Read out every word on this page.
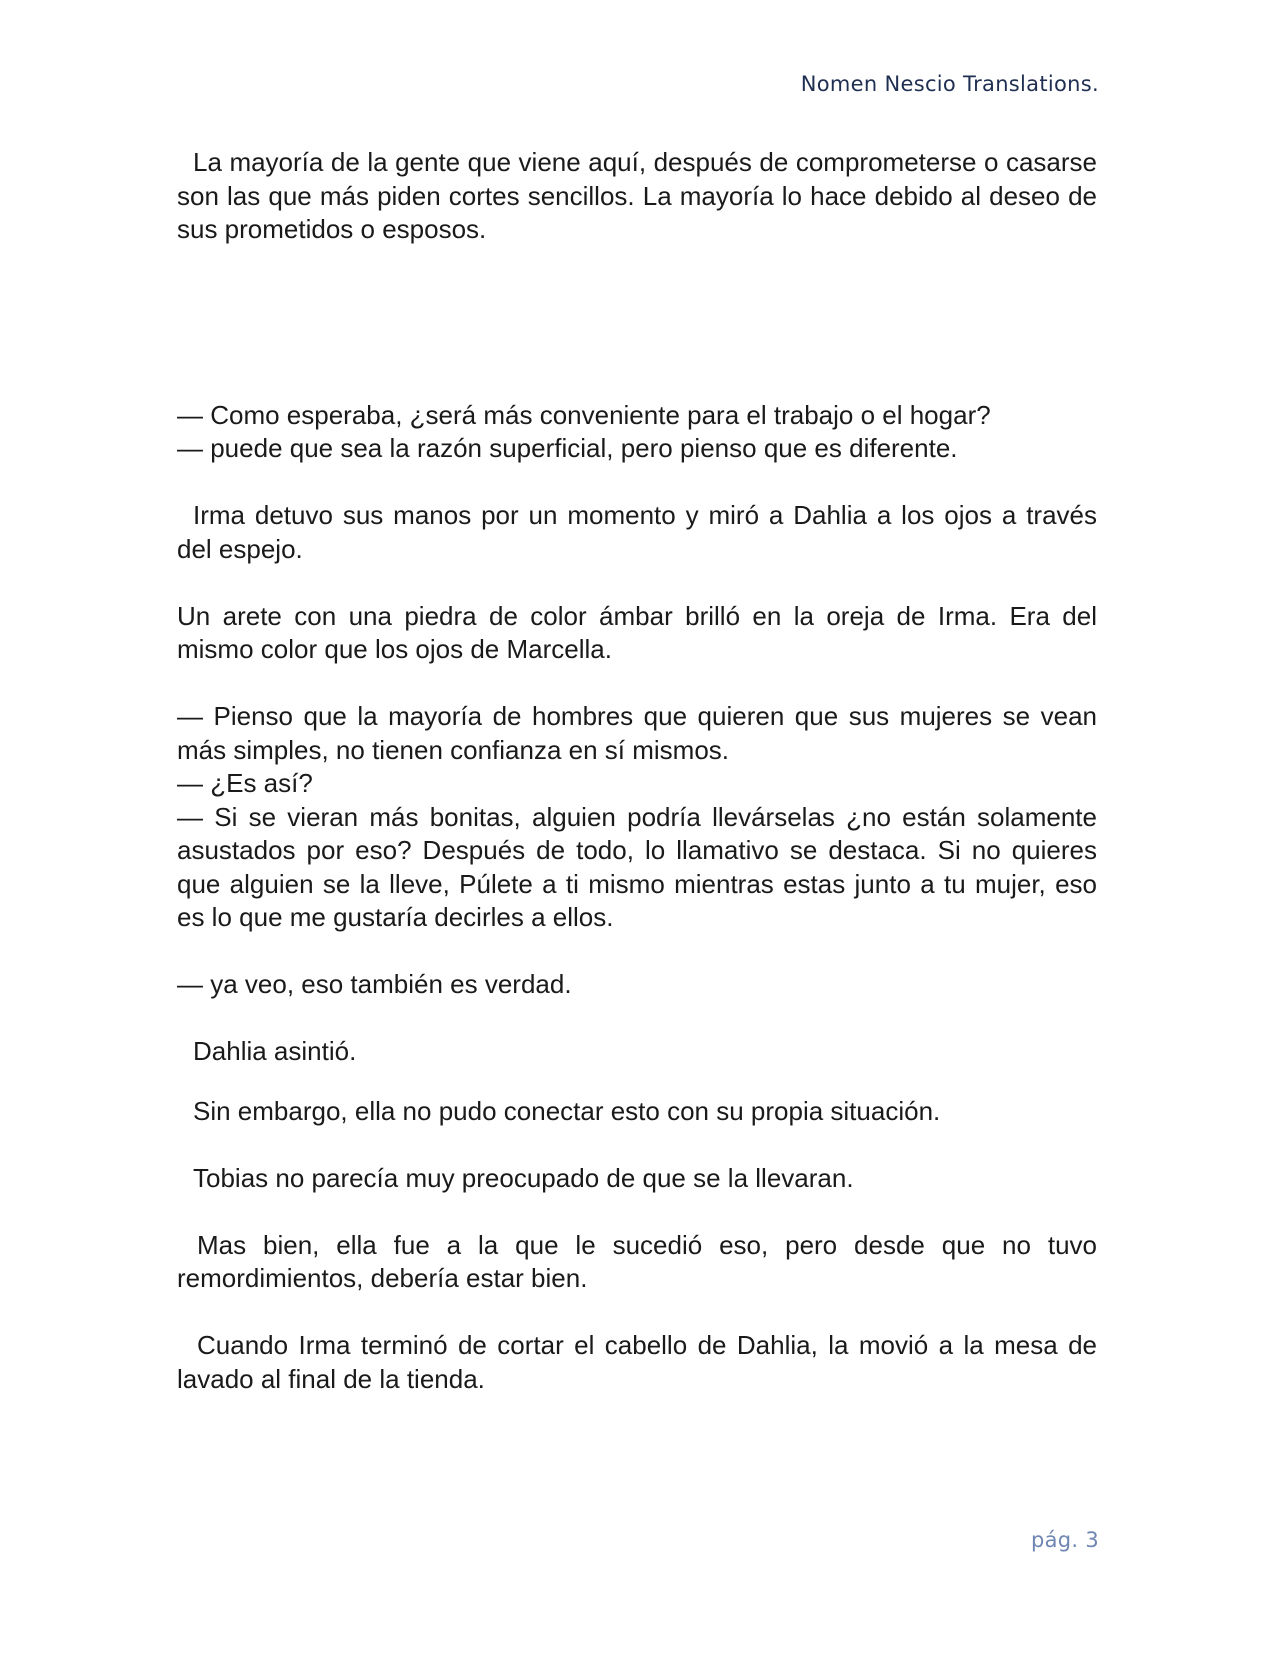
Nomen Nescio Translations.

La mayoría de la gente que viene aquí, después de comprometerse o casarse son las que más piden cortes sencillos. La mayoría lo hace debido al deseo de sus prometidos o esposos.

— Como esperaba, ¿será más conveniente para el trabajo o el hogar?

— puede que sea la razón superficial, pero pienso que es diferente.

Irma detuvo sus manos por un momento y miró a Dahlia a los ojos a través del espejo.

Un arete con una piedra de color ámbar brilló en la oreja de Irma. Era del mismo color que los ojos de Marcella.

— Pienso que la mayoría de hombres que quieren que sus mujeres se vean más simples, no tienen confianza en sí mismos.

— ¿Es así?

— Si se vieran más bonitas, alguien podría llevárselas ¿no están solamente asustados por eso? Después de todo, lo llamativo se destaca. Si no quieres que alguien se la lleve, Púlete a ti mismo mientras estas junto a tu mujer, eso es lo que me gustaría decirles a ellos.

— ya veo, eso también es verdad.

Dahlia asintió.

Sin embargo, ella no pudo conectar esto con su propia situación.

Tobias no parecía muy preocupado de que se la llevaran.

Mas bien, ella fue a la que le sucedió eso, pero desde que no tuvo remordimientos, debería estar bien.

Cuando Irma terminó de cortar el cabello de Dahlia, la movió a la mesa de lavado al final de la tienda.

pág. 3
